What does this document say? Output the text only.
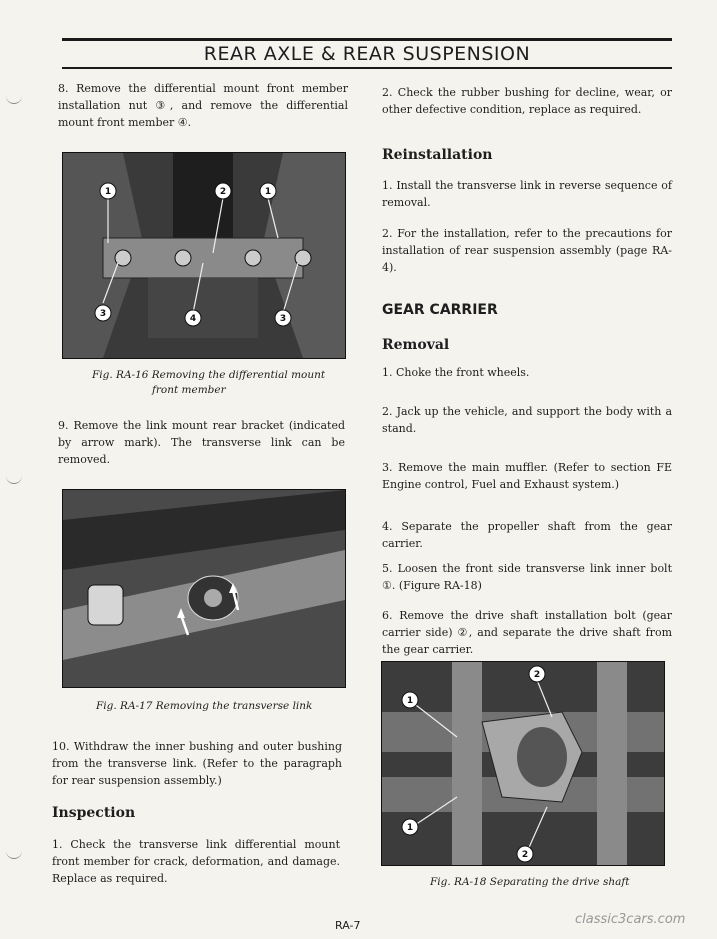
REAR AXLE & REAR SUSPENSION
8. Remove the differential mount front member installation nut ③, and remove the differential mount front member ④.
1	2	1
3	4	3
Fig. RA-16 Removing the differential mount
front member
9. Remove the link mount rear bracket (indicated by arrow mark). The transverse link can be removed.
Fig. RA-17 Removing the transverse link
10. Withdraw the inner bushing and outer bushing from the transverse link. (Refer to the paragraph for rear suspension assembly.)
Inspection
1. Check the transverse link differential mount front member for crack, deformation, and damage. Replace as required.
2. Check the rubber bushing for decline, wear, or other defective condition, replace as required.
Reinstallation
1. Install the transverse link in reverse sequence of removal.
2. For the installation, refer to the precautions for installation of rear suspension assembly (page RA-4).
GEAR CARRIER
Removal
1. Choke the front wheels.
2. Jack up the vehicle, and support the body with a stand.
3. Remove the main muffler. (Refer to section FE Engine control, Fuel and Exhaust system.)
4. Separate the propeller shaft from the gear carrier.
5. Loosen the front side transverse link inner bolt ①. (Figure RA-18)
6. Remove the drive shaft installation bolt (gear carrier side) ②, and separate the drive shaft from the gear carrier.
2
1
1
2
Fig. RA-18 Separating the drive shaft
RA-7	classic3cars.com
